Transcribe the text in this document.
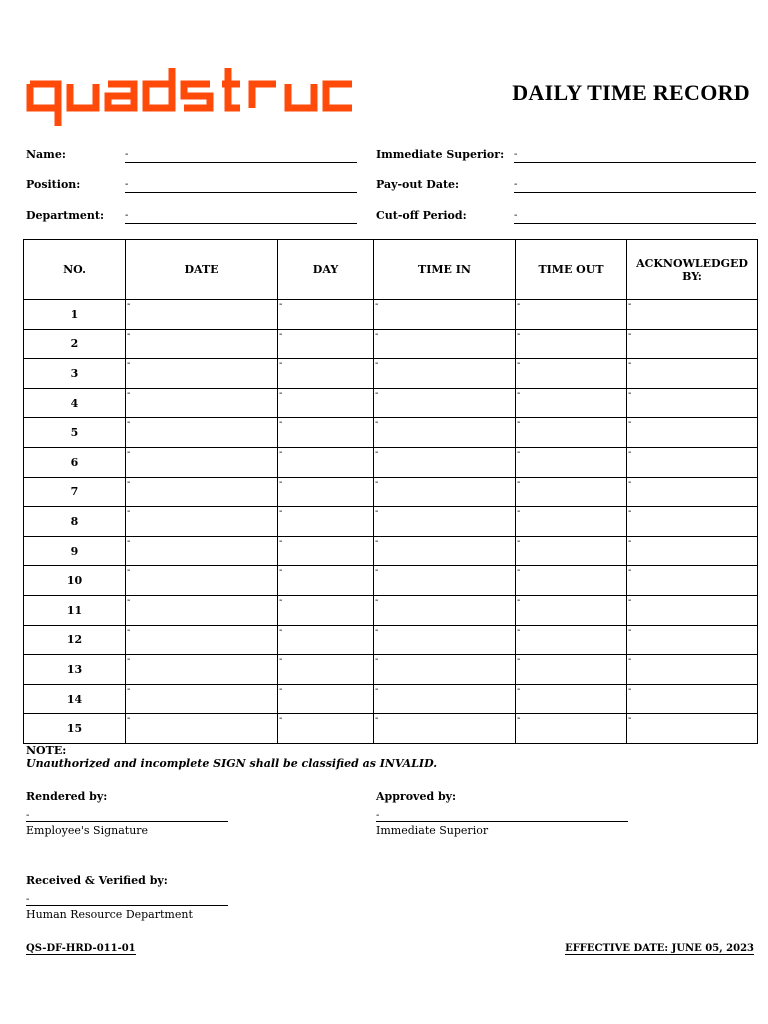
DAILY TIME RECORD
Name:	-
Position:	-
Department: -
Immediate Superior: -
Pay-out Date:	-
Cut-off Period:	-
NO.	DATE	DAY	TIME IN	TIME OUT	ACKNOWLEDGED BY:
1	-	-	-	-	-

2	-	-	-	-	-

3	-	-	-	-	-

4	-	-	-	-	-

5	-	-	-	-	-

6	-	-	-	-	-

7	-	-	-	-	-

8	-	-	-	-	-

9	-	-	-	-	-

10	-	-	-	-	-

11	-	-	-	-	-

12	-	-	-	-	-

13	-	-	-	-	-

14	-	-	-	-	-

15	-	-	-	-	-
NOTE:
Unauthorized and incomplete SIGN shall be classified as INVALID.
Rendered by:
-
Employee's Signature
Approved by:
-
Immediate Superior
Received & Verified by:
-
Human Resource Department
QS-DF-HRD-011-01	EFFECTIVE DATE: JUNE 05, 2023
